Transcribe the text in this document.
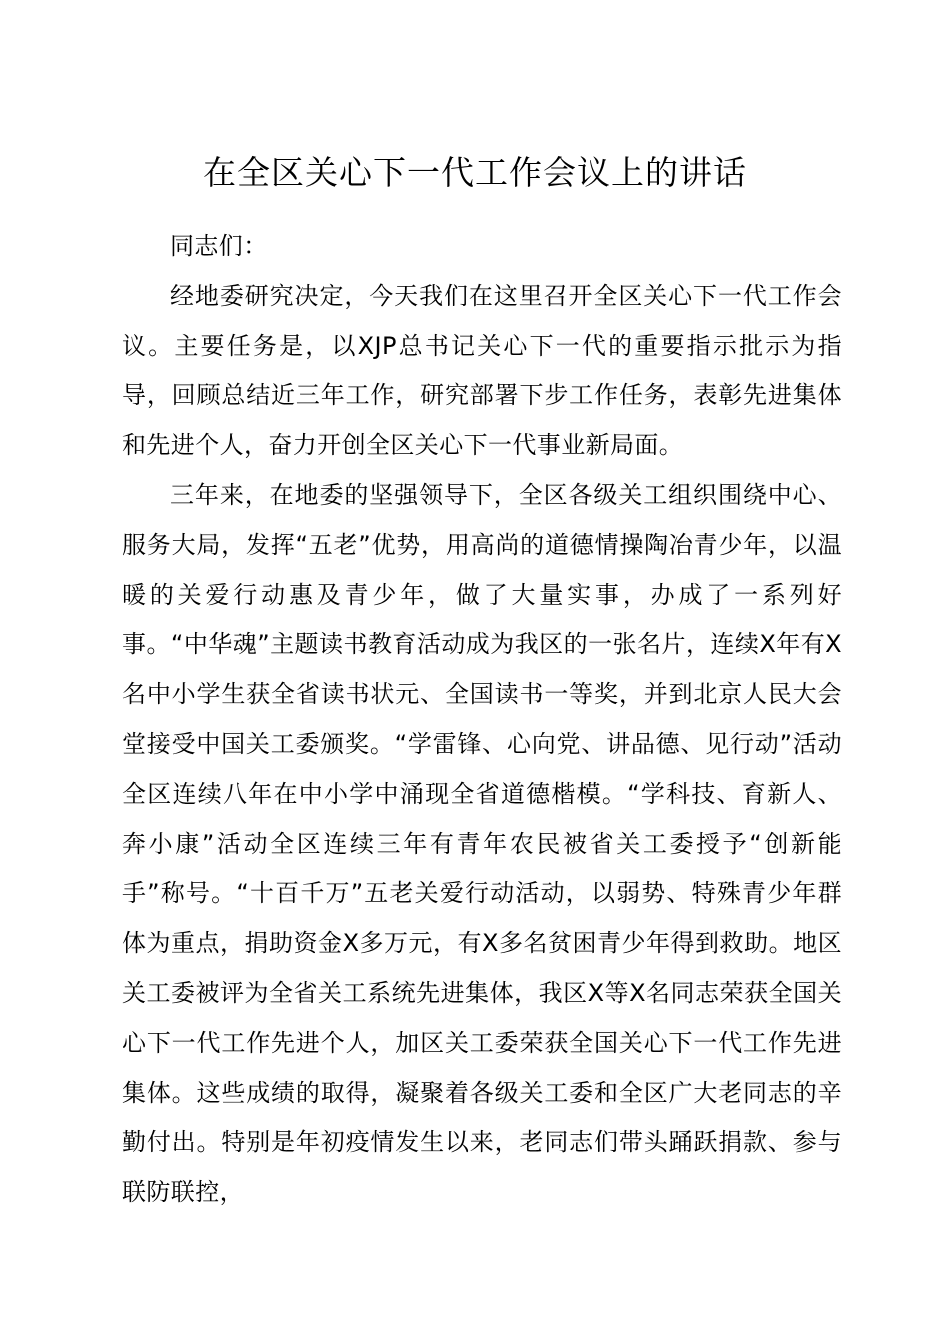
在全区关心下一代工作会议上的讲话

同志们：

经地委研究决定，今天我们在这里召开全区关心下一代工作会议。主要任务是，以XJP总书记关心下一代的重要指示批示为指导，回顾总结近三年工作，研究部署下步工作任务，表彰先进集体和先进个人，奋力开创全区关心下一代事业新局面。

三年来，在地委的坚强领导下，全区各级关工组织围绕中心、服务大局，发挥“五老”优势，用高尚的道德情操陶冶青少年，以温暖的关爱行动惠及青少年，做了大量实事，办成了一系列好事。“中华魂”主题读书教育活动成为我区的一张名片，连续X年有X名中小学生获全省读书状元、全国读书一等奖，并到北京人民大会堂接受中国关工委颁奖。“学雷锋、心向党、讲品德、见行动”活动全区连续八年在中小学中涌现全省道德楷模。“学科技、育新人、奔小康”活动全区连续三年有青年农民被省关工委授予“创新能手”称号。“十百千万”五老关爱行动活动，以弱势、特殊青少年群体为重点，捐助资金X多万元，有X多名贫困青少年得到救助。地区关工委被评为全省关工系统先进集体，我区X等X名同志荣获全国关心下一代工作先进个人，加区关工委荣获全国关心下一代工作先进集体。这些成绩的取得，凝聚着各级关工委和全区广大老同志的辛勤付出。特别是年初疫情发生以来，老同志们带头踊跃捐款、参与联防联控，
